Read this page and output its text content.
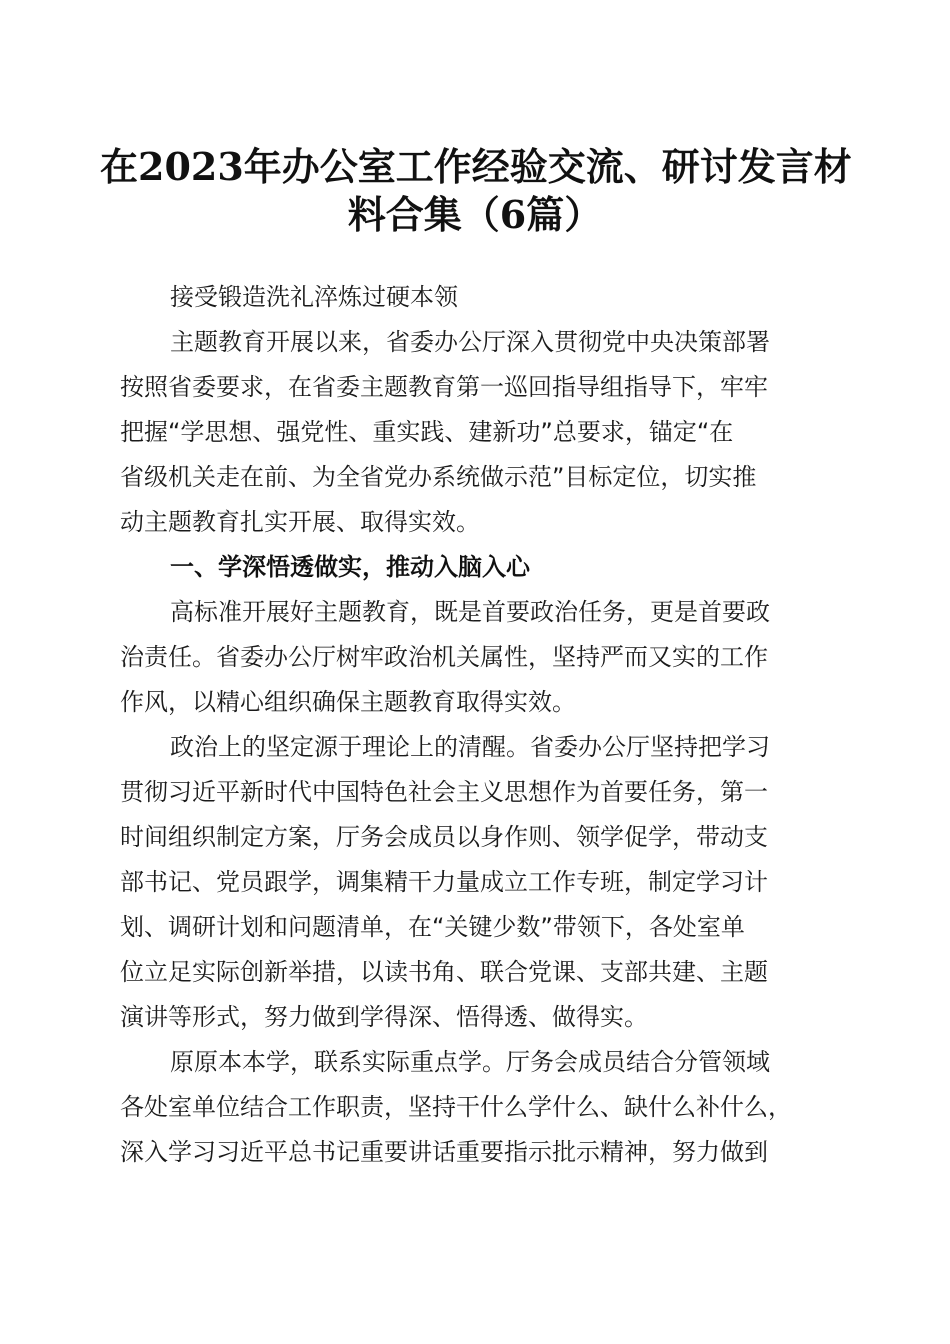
在2023年办公室工作经验交流、研讨发言材
料合集（6篇）

接受锻造洗礼淬炼过硬本领

主题教育开展以来，省委办公厅深入贯彻党中央决策部署

按照省委要求，在省委主题教育第一巡回指导组指导下，牢牢

把握“学思想、强党性、重实践、建新功”总要求，锚定“在

省级机关走在前、为全省党办系统做示范”目标定位，切实推

动主题教育扎实开展、取得实效。

一、学深悟透做实，推动入脑入心

高标准开展好主题教育，既是首要政治任务，更是首要政

治责任。省委办公厅树牢政治机关属性，坚持严而又实的工作

作风，以精心组织确保主题教育取得实效。

政治上的坚定源于理论上的清醒。省委办公厅坚持把学习

贯彻习近平新时代中国特色社会主义思想作为首要任务，第一

时间组织制定方案，厅务会成员以身作则、领学促学，带动支

部书记、党员跟学，调集精干力量成立工作专班，制定学习计

划、调研计划和问题清单，在“关键少数”带领下，各处室单

位立足实际创新举措，以读书角、联合党课、支部共建、主题

演讲等形式，努力做到学得深、悟得透、做得实。

原原本本学，联系实际重点学。厅务会成员结合分管领域

各处室单位结合工作职责，坚持干什么学什么、缺什么补什么，

深入学习习近平总书记重要讲话重要指示批示精神，努力做到
